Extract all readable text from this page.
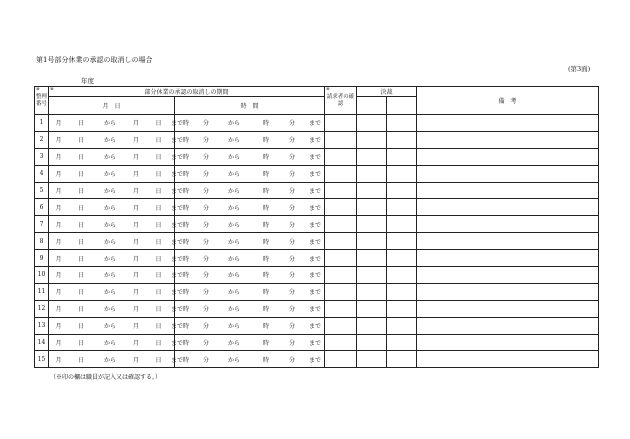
第1号部分休業の承認の取消しの場合
(第3面)
年度
※
整理番号	※ 部分休業の承認の取消しの期間		※
請求者の確認	決裁		備　考
	月　日	時　間				
1	月 日 から 月 日 まで	時 分 から 時 分 まで				
2	月 日 から 月 日 まで	時 分 から 時 分 まで				
3	月 日 から 月 日 まで	時 分 から 時 分 まで				
4	月 日 から 月 日 まで	時 分 から 時 分 まで				
5	月 日 から 月 日 まで	時 分 から 時 分 まで				
6	月 日 から 月 日 まで	時 分 から 時 分 まで				
7	月 日 から 月 日 まで	時 分 から 時 分 まで				
8	月 日 から 月 日 まで	時 分 から 時 分 まで				
9	月 日 から 月 日 まで	時 分 から 時 分 まで				
10	月 日 から 月 日 まで	時 分 から 時 分 まで				
11	月 日 から 月 日 まで	時 分 から 時 分 まで				
12	月 日 から 月 日 まで	時 分 から 時 分 まで				
13	月 日 から 月 日 まで	時 分 から 時 分 まで				
14	月 日 から 月 日 まで	時 分 から 時 分 まで				
15	月 日 から 月 日 まで	時 分 から 時 分 まで				
（※印の欄は職員が記入又は確認する。）
